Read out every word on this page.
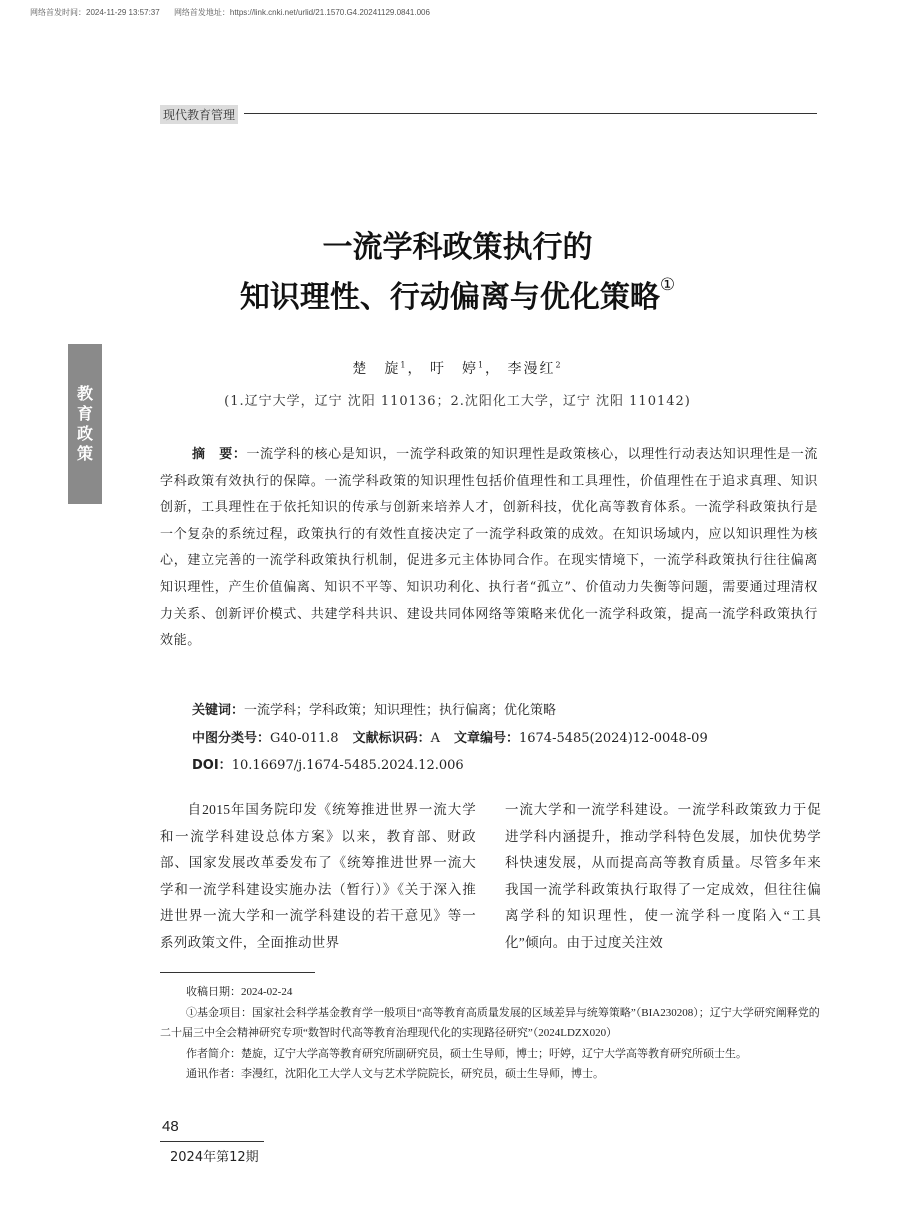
网络首发时间：2024-11-29 13:57:37 网络首发地址：https://link.cnki.net/urlid/21.1570.G4.20241129.0841.006
现代教育管理
教
育
政
策
一流学科政策执行的
知识理性、行动偏离与优化策略①
楚　旋$^1$， 吁　婷$^1$， 李漫红$^2$
(1.辽宁大学，辽宁 沈阳 110136；2.沈阳化工大学，辽宁 沈阳 110142)
摘　要：一流学科的核心是知识，一流学科政策的知识理性是政策核心，以理性行动表达知识理性是一流学科政策有效执行的保障。一流学科政策的知识理性包括价值理性和工具理性，价值理性在于追求真理、知识创新，工具理性在于依托知识的传承与创新来培养人才，创新科技，优化高等教育体系。一流学科政策执行是一个复杂的系统过程，政策执行的有效性直接决定了一流学科政策的成效。在知识场域内，应以知识理性为核心，建立完善的一流学科政策执行机制，促进多元主体协同合作。在现实情境下，一流学科政策执行往往偏离知识理性，产生价值偏离、知识不平等、知识功利化、执行者“孤立”、价值动力失衡等问题，需要通过理清权力关系、创新评价模式、共建学科共识、建设共同体网络等策略来优化一流学科政策，提高一流学科政策执行效能。
关键词：一流学科；学科政策；知识理性；执行偏离；优化策略
中图分类号：G40-011.8 文献标识码：A 文章编号：1674-5485(2024)12-0048-09
DOI：10.16697/j.1674-5485.2024.12.006
自2015年国务院印发《统筹推进世界一流大学和一流学科建设总体方案》以来，教育部、财政部、国家发展改革委发布了《统筹推进世界一流大学和一流学科建设实施办法（暂行）》《关于深入推进世界一流大学和一流学科建设的若干意见》等一系列政策文件，全面推动世界
一流大学和一流学科建设。一流学科政策致力于促进学科内涵提升，推动学科特色发展，加快优势学科快速发展，从而提高高等教育质量。尽管多年来我国一流学科政策执行取得了一定成效，但往往偏离学科的知识理性，使一流学科一度陷入“工具化”倾向。由于过度关注效
收稿日期：2024-02-24
①基金项目：国家社会科学基金教育学一般项目“高等教育高质量发展的区域差异与统筹策略”（BIA230208）；辽宁大学研究阐释党的二十届三中全会精神研究专项“数智时代高等教育治理现代化的实现路径研究”（2024LDZX020）
作者简介：楚旋，辽宁大学高等教育研究所副研究员，硕士生导师，博士；吁婷，辽宁大学高等教育研究所硕士生。
通讯作者：李漫红，沈阳化工大学人文与艺术学院院长，研究员，硕士生导师，博士。
48
2024年第12期
